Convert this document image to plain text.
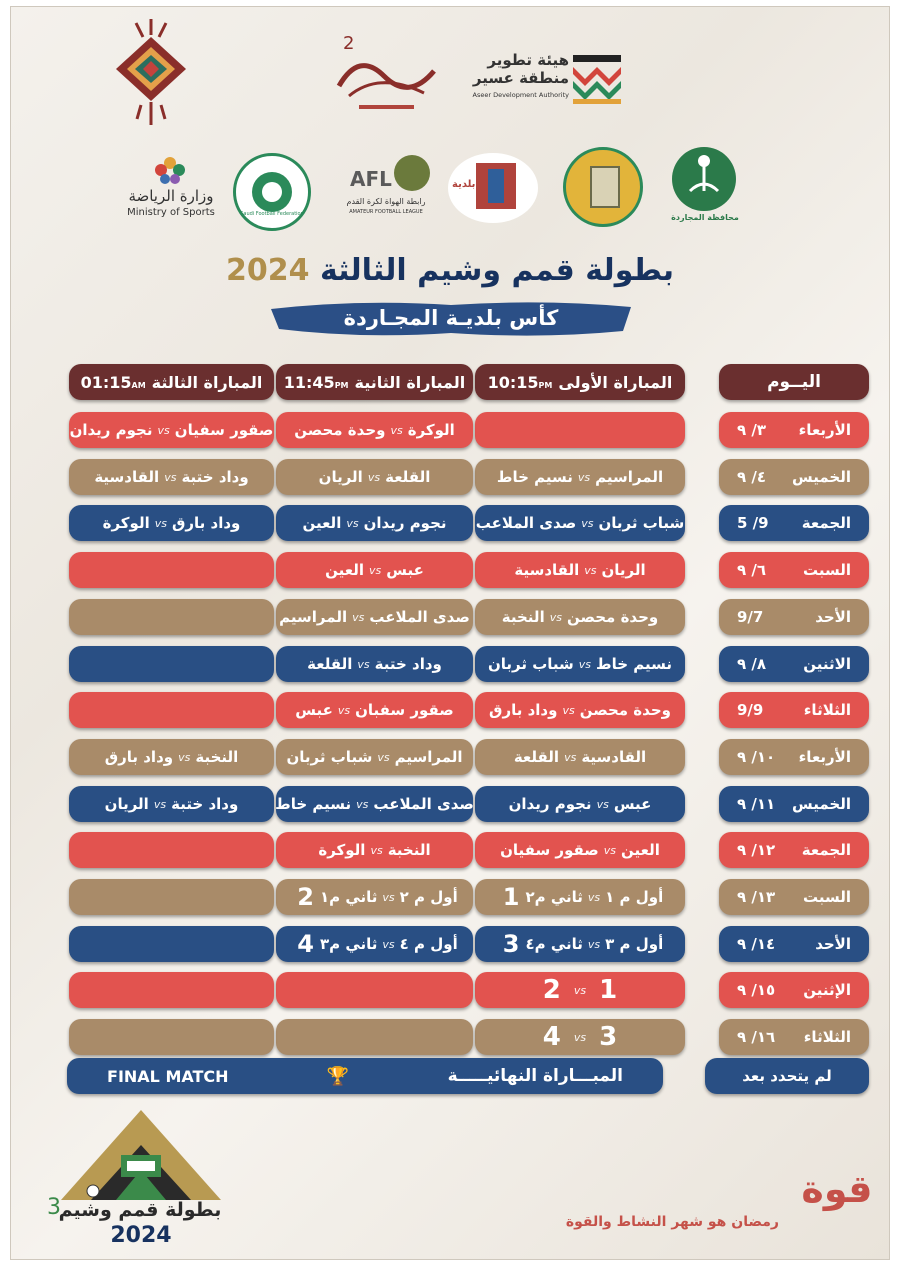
2
هيئة تطوير
منطقة عسير
Aseer Development Authority
وزارة الرياضة
Ministry of Sports	Saudi Football Federation
AFL
رابطة الهواة لكرة القدم
AMATEUR FOOTBALL LEAGUE
بلدية
محافظة المجاردة
بطولة قمم وشيم الثالثة 2024
كأس بلديـة المجـاردة
اليــوم
المباراة الأولى
10:15PM
المباراة الثانية
11:45PM
المباراة الثالثة
01:15AM
الأربعاء
٣/ ٩
الوكرة
vs
وحدة محصن
صقور سفيان
vs
نجوم ريدان
الخميس
٤/ ٩
المراسيم
vs
نسيم خاط
القلعة
vs
الريان
وداد ختبة
vs
القادسية
الجمعة
9/ 5
شباب ثربان
vs
صدى الملاعب
نجوم ريدان
vs
العين
وداد بارق
vs
الوكرة
السبت
٦/ ٩
الريان
vs
القادسية
عبس
vs
العين
الأحد
9/7
وحدة محصن
vs
النخبة
صدى الملاعب
vs
المراسيم
الاثنين
٨/ ٩
نسيم خاط
vs
شباب ثربان
وداد ختبة
vs
القلعة
الثلاثاء
9/9
وحدة محصن
vs
وداد بارق
صقور سفبان
vs
عبس
الأربعاء
١٠/ ٩
القادسية
vs
القلعة
المراسيم
vs
شباب ثربان
النخبة
vs
وداد بارق
الخميس
١١/ ٩
عبس
vs
نجوم ريدان
صدى الملاعب
vs
نسيم خاط
وداد ختبة
vs
الريان
الجمعة
١٢/ ٩
العين
vs
صقور سفيان
النخبة
vs
الوكرة
السبت
١٣/ ٩
أول م ١
vs
ثاني م٢
1
أول م ٢
vs
ثاني م١
2
الأحد
١٤/ ٩
أول م ٣
vs
ثاني م٤
3
أول م ٤
vs
ثاني م٣
4
الإثنين
١٥/ ٩
1
vs
2
الثلاثاء
١٦/ ٩
3
vs
4
لم يتحدد بعد
المبـــاراة النهائيـــــة
🏆
FINAL MATCH
بطولة قمم وشيم
3
2024
رمضان هو شهر النشاط والقوة
قوة
